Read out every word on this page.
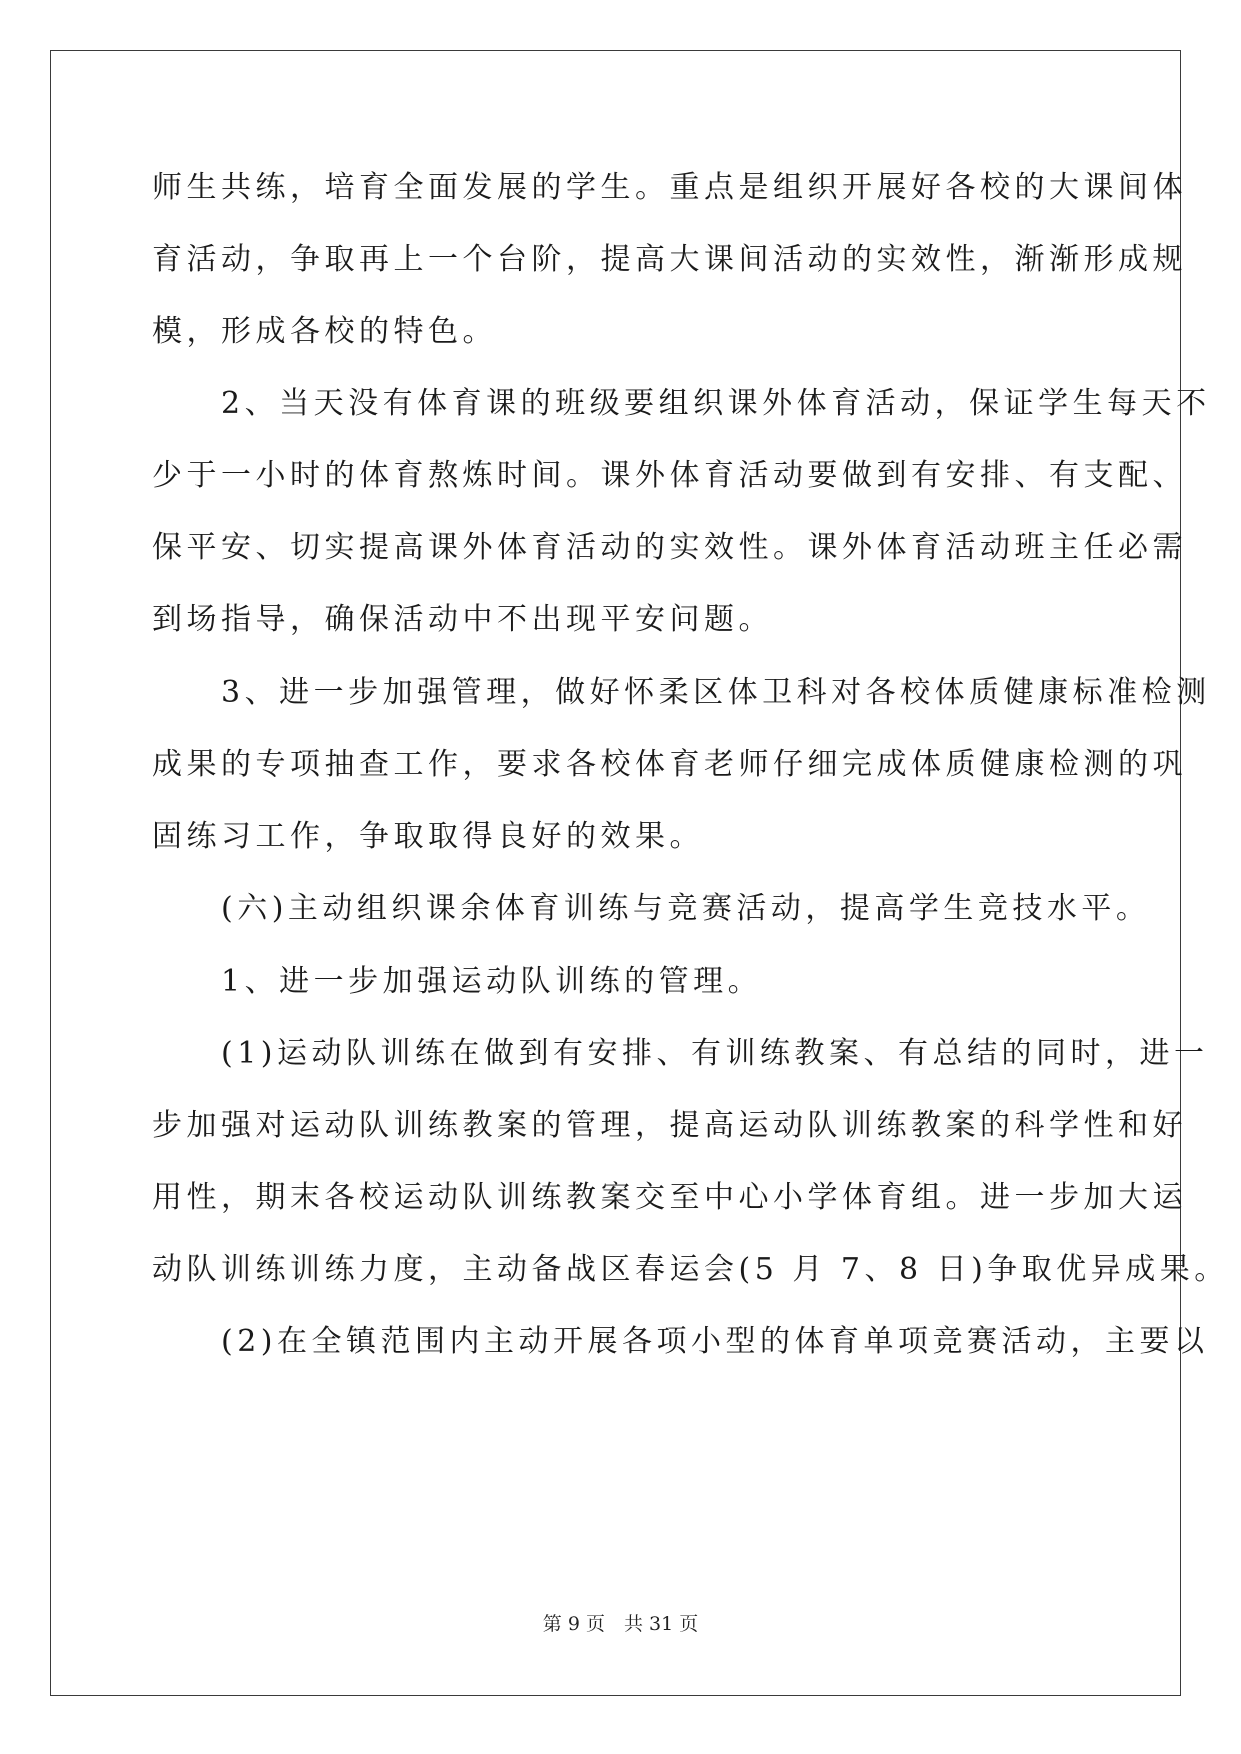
师生共练，培育全面发展的学生。重点是组织开展好各校的大课间体
育活动，争取再上一个台阶，提高大课间活动的实效性，渐渐形成规
模，形成各校的特色。
　　2、当天没有体育课的班级要组织课外体育活动，保证学生每天不
少于一小时的体育熬炼时间。课外体育活动要做到有安排、有支配、
保平安、切实提高课外体育活动的实效性。课外体育活动班主任必需
到场指导，确保活动中不出现平安问题。
　　3、进一步加强管理，做好怀柔区体卫科对各校体质健康标准检测
成果的专项抽查工作，要求各校体育老师仔细完成体质健康检测的巩
固练习工作，争取取得良好的效果。
　　(六)主动组织课余体育训练与竞赛活动，提高学生竞技水平。
　　1、进一步加强运动队训练的管理。
　　(1)运动队训练在做到有安排、有训练教案、有总结的同时，进一
步加强对运动队训练教案的管理，提高运动队训练教案的科学性和好
用性，期末各校运动队训练教案交至中心小学体育组。进一步加大运
动队训练训练力度，主动备战区春运会(5 月 7、8 日)争取优异成果。
　　(2)在全镇范围内主动开展各项小型的体育单项竞赛活动，主要以
第 9 页　共 31 页
